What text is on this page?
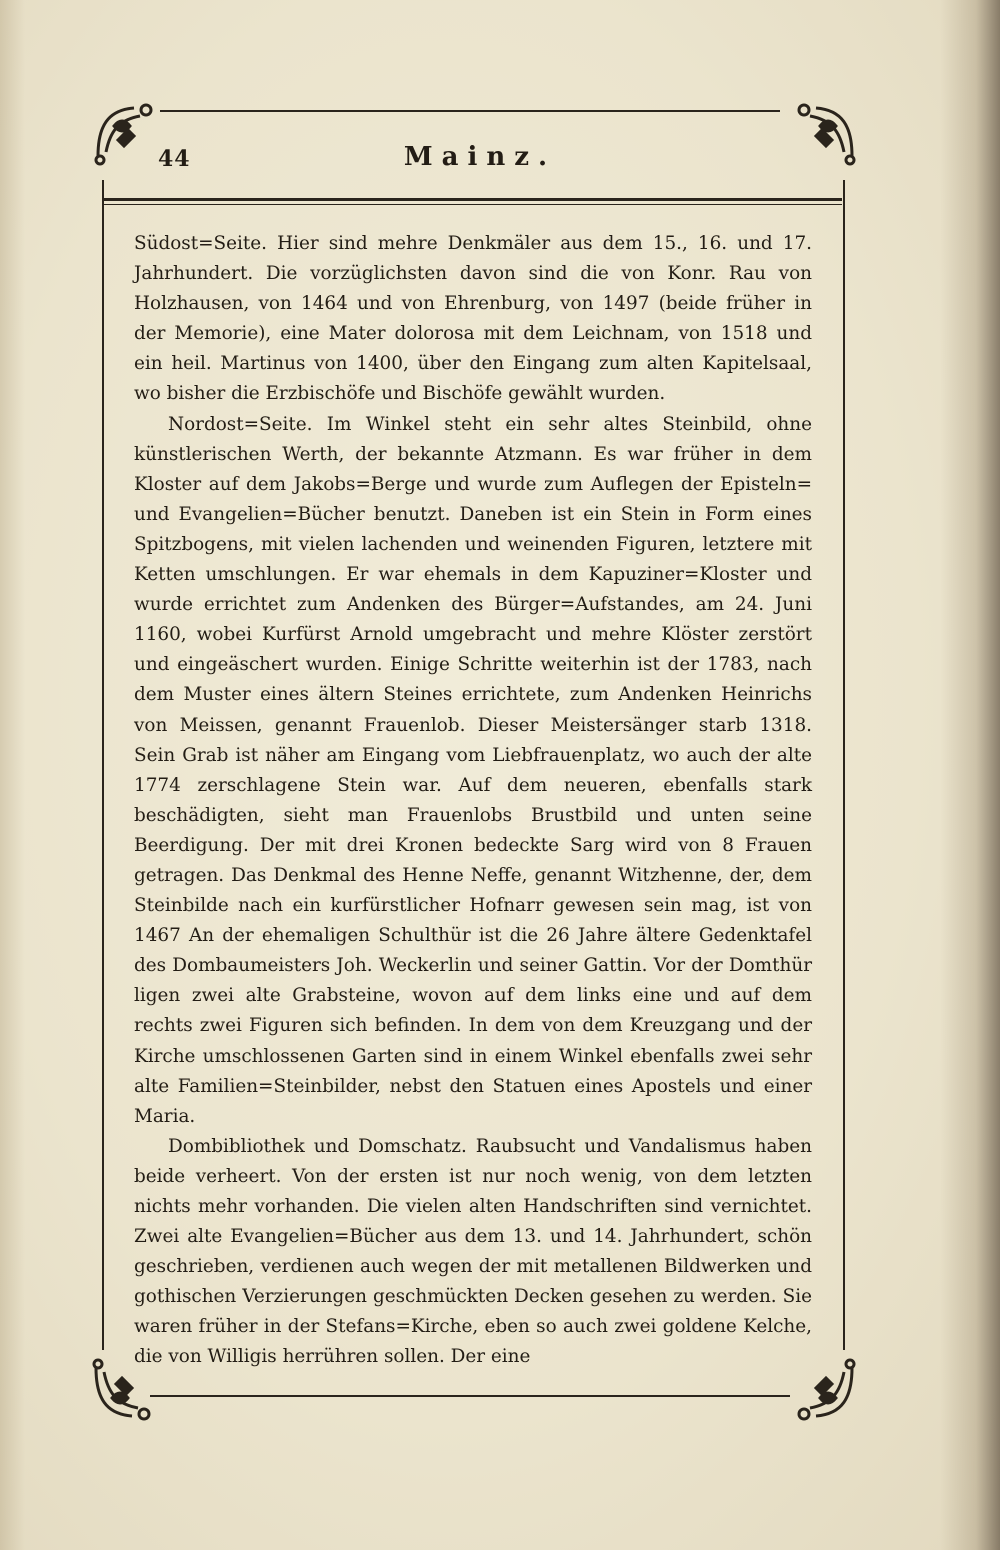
44	Mainz.

Südost=Seite. Hier sind mehre Denkmäler aus dem 15., 16. und 17. Jahrhundert. Die vorzüglichsten davon sind die von Konr. Rau von Holzhausen, von 1464 und von Ehrenburg, von 1497 (beide früher in der Memorie), eine Mater dolorosa mit dem Leichnam, von 1518 und ein heil. Martinus von 1400, über den Eingang zum alten Kapitelsaal, wo bisher die Erzbischöfe und Bischöfe gewählt wurden.

Nordost=Seite. Im Winkel steht ein sehr altes Steinbild, ohne künstlerischen Werth, der bekannte Atzmann. Es war früher in dem Kloster auf dem Jakobs=Berge und wurde zum Auflegen der Episteln= und Evangelien=Bücher benutzt. Daneben ist ein Stein in Form eines Spitzbogens, mit vielen lachenden und weinenden Figuren, letztere mit Ketten umschlungen. Er war ehemals in dem Kapuziner=Kloster und wurde errichtet zum Andenken des Bürger=Aufstandes, am 24. Juni 1160, wobei Kurfürst Arnold umgebracht und mehre Klöster zerstört und eingeäschert wurden. Einige Schritte weiterhin ist der 1783, nach dem Muster eines ältern Steines errichtete, zum Andenken Heinrichs von Meissen, genannt Frauenlob. Dieser Meistersänger starb 1318. Sein Grab ist näher am Eingang vom Liebfrauenplatz, wo auch der alte 1774 zerschlagene Stein war. Auf dem neueren, ebenfalls stark beschädigten, sieht man Frauenlobs Brustbild und unten seine Beerdigung. Der mit drei Kronen bedeckte Sarg wird von 8 Frauen getragen. Das Denkmal des Henne Neffe, genannt Witzhenne, der, dem Steinbilde nach ein kurfürstlicher Hofnarr gewesen sein mag, ist von 1467 An der ehemaligen Schulthür ist die 26 Jahre ältere Gedenktafel des Dombaumeisters Joh. Weckerlin und seiner Gattin. Vor der Domthür ligen zwei alte Grabsteine, wovon auf dem links eine und auf dem rechts zwei Figuren sich befinden. In dem von dem Kreuzgang und der Kirche umschlossenen Garten sind in einem Winkel ebenfalls zwei sehr alte Familien=Steinbilder, nebst den Statuen eines Apostels und einer Maria.

Dombibliothek und Domschatz. Raubsucht und Vandalismus haben beide verheert. Von der ersten ist nur noch wenig, von dem letzten nichts mehr vorhanden. Die vielen alten Handschriften sind vernichtet. Zwei alte Evangelien=Bücher aus dem 13. und 14. Jahrhundert, schön geschrieben, verdienen auch wegen der mit metallenen Bildwerken und gothischen Verzierungen geschmückten Decken gesehen zu werden. Sie waren früher in der Stefans=Kirche, eben so auch zwei goldene Kelche, die von Willigis herrühren sollen. Der eine
